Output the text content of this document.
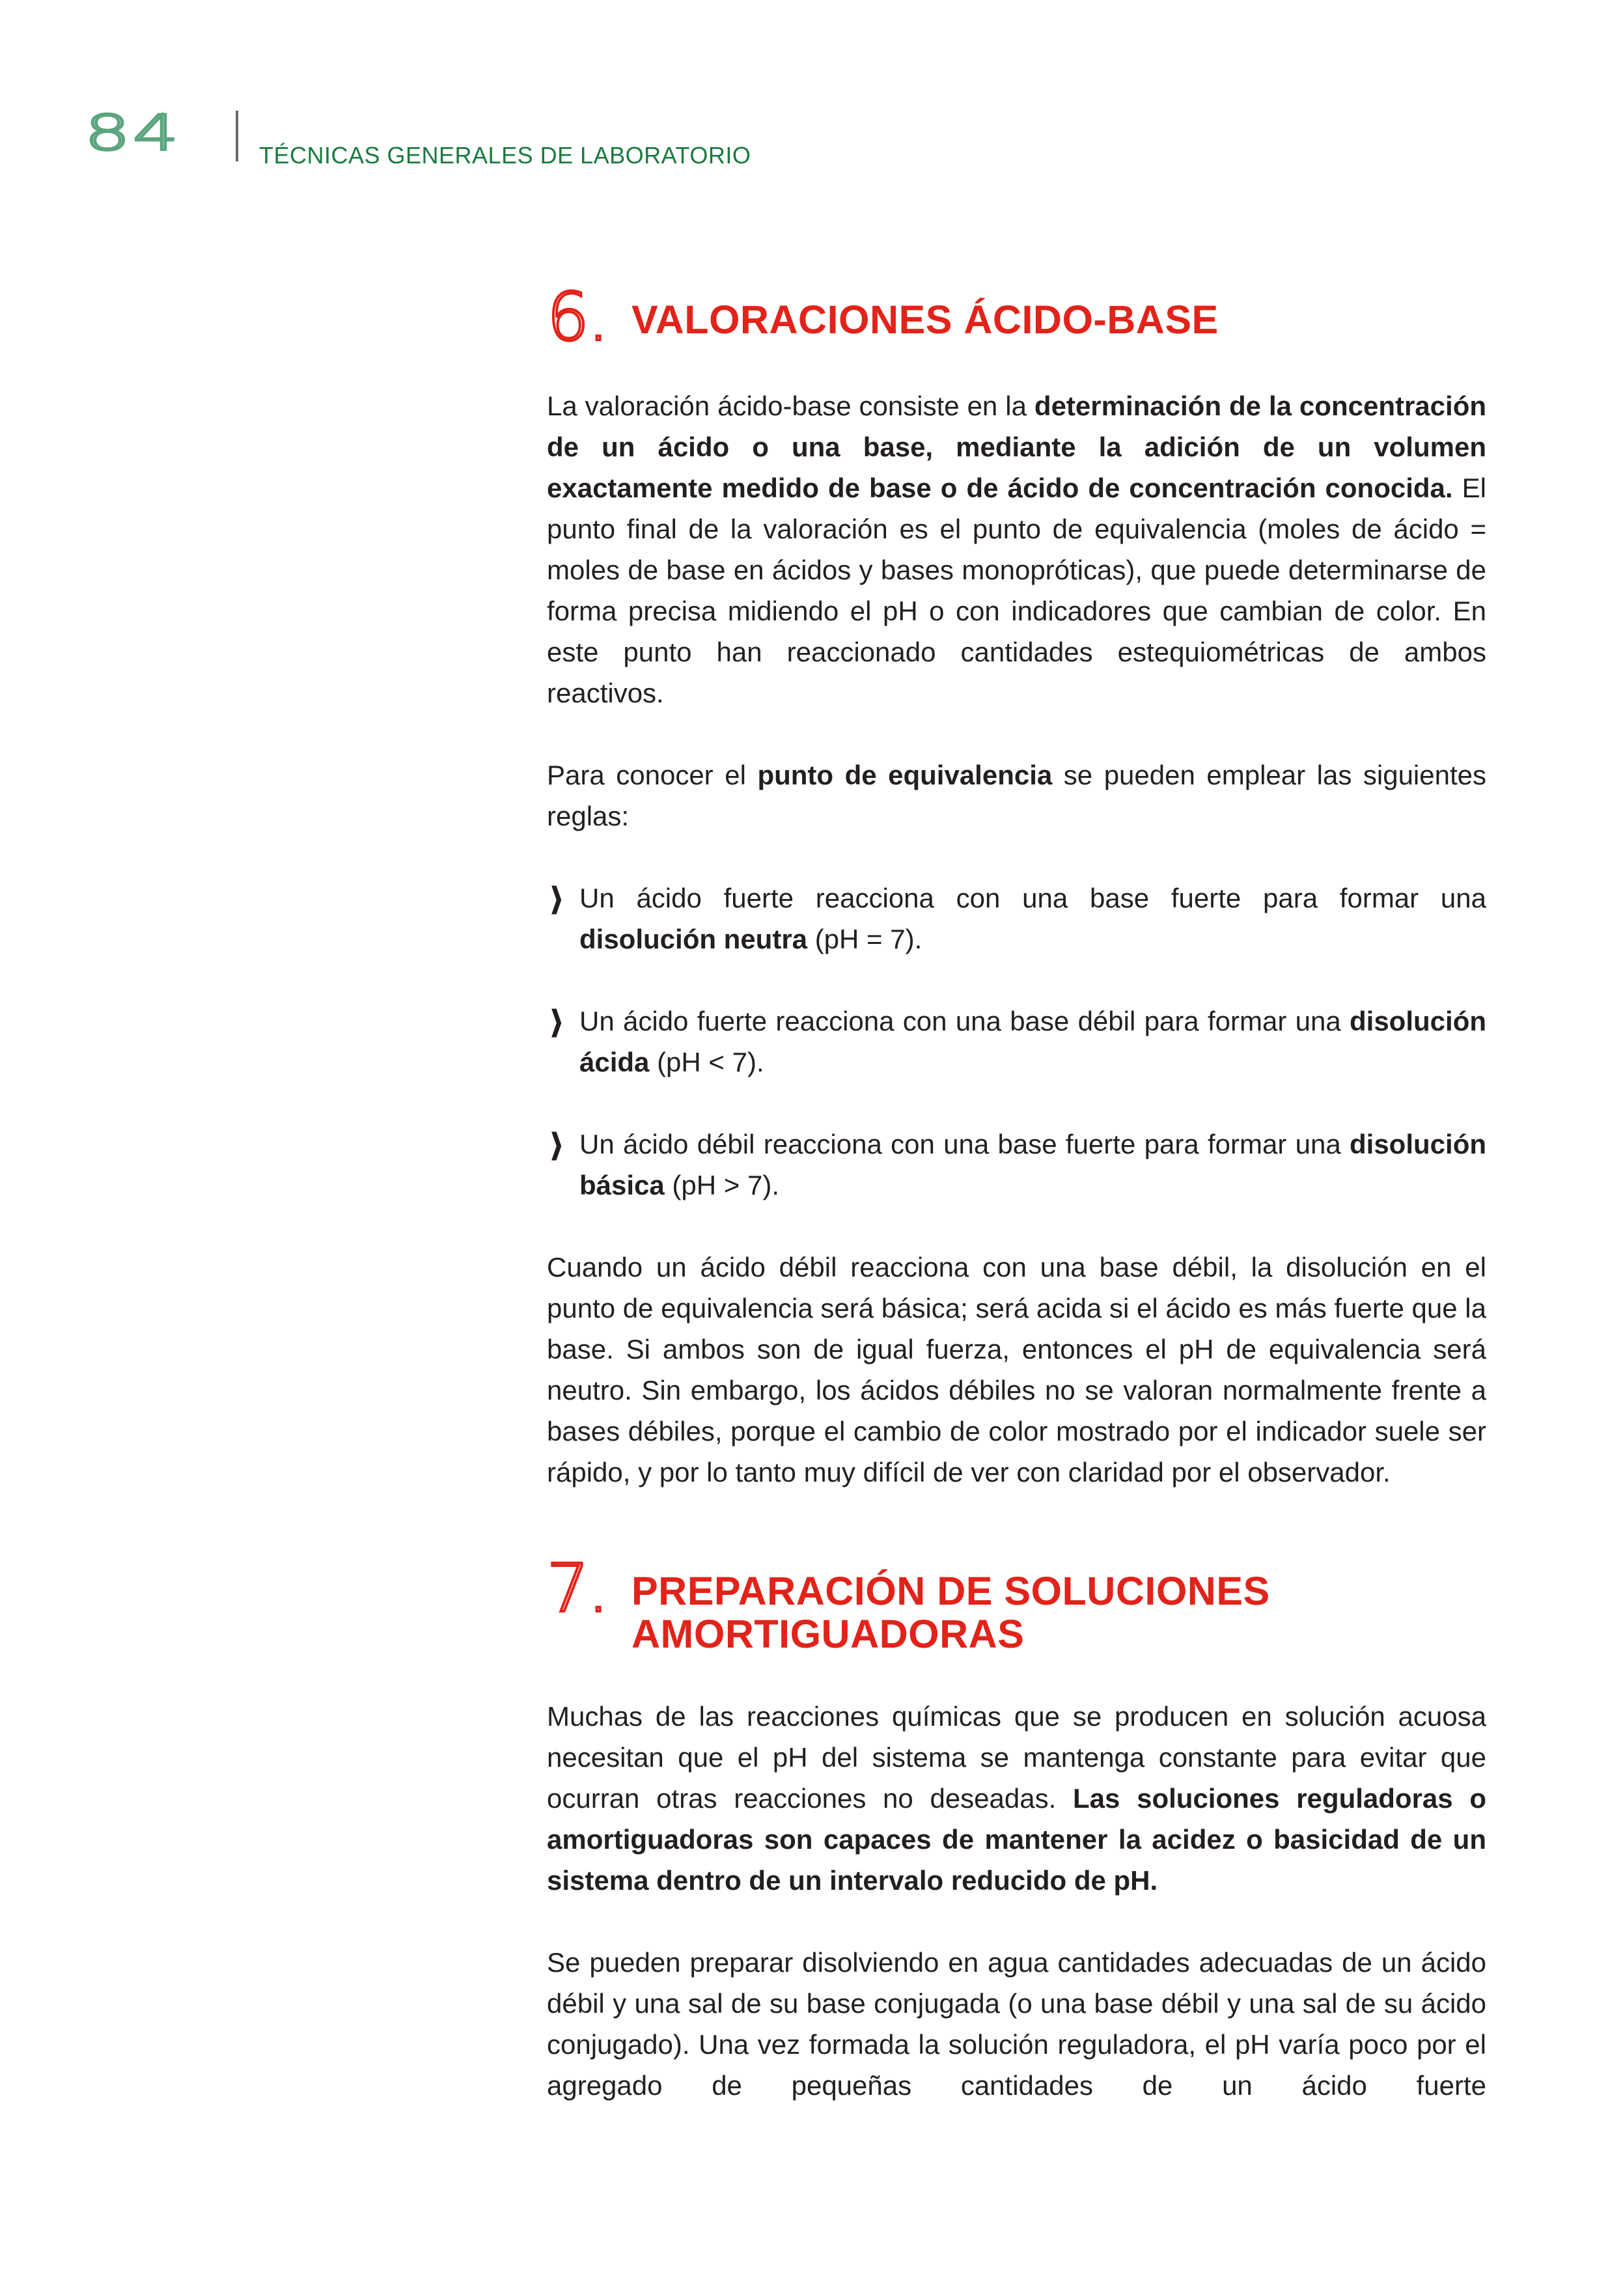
84	TÉCNICAS GENERALES DE LABORATORIO
6. VALORACIONES ÁCIDO-BASE

La valoración ácido-base consiste en la determinación de la concentración de un ácido o una base, mediante la adición de un volumen exactamente medido de base o de ácido de concentración conocida. El punto final de la valoración es el punto de equivalencia (moles de ácido = moles de base en ácidos y bases monopróticas), que puede determinarse de forma precisa midiendo el pH o con indicadores que cambian de color. En este punto han reaccionado cantidades estequiométricas de ambos reactivos.

Para conocer el punto de equivalencia se pueden emplear las siguientes reglas:

❱ Un ácido fuerte reacciona con una base fuerte para formar una disolución neutra (pH = 7).
❱ Un ácido fuerte reacciona con una base débil para formar una disolución ácida (pH < 7).
❱ Un ácido débil reacciona con una base fuerte para formar una disolución básica (pH > 7).

Cuando un ácido débil reacciona con una base débil, la disolución en el punto de equivalencia será básica; será acida si el ácido es más fuerte que la base. Si ambos son de igual fuerza, entonces el pH de equivalencia será neutro. Sin embargo, los ácidos débiles no se valoran normalmente frente a bases débiles, porque el cambio de color mostrado por el indicador suele ser rápido, y por lo tanto muy difícil de ver con claridad por el observador.

7. PREPARACIÓN DE SOLUCIONES
AMORTIGUADORAS

Muchas de las reacciones químicas que se producen en solución acuosa necesitan que el pH del sistema se mantenga constante para evitar que ocurran otras reacciones no deseadas. Las soluciones reguladoras o amortiguadoras son capaces de mantener la acidez o basicidad de un sistema dentro de un intervalo reducido de pH.

Se pueden preparar disolviendo en agua cantidades adecuadas de un ácido débil y una sal de su base conjugada (o una base débil y una sal de su ácido conjugado). Una vez formada la solución reguladora, el pH varía poco por el agregado de pequeñas cantidades de un ácido fuerte
